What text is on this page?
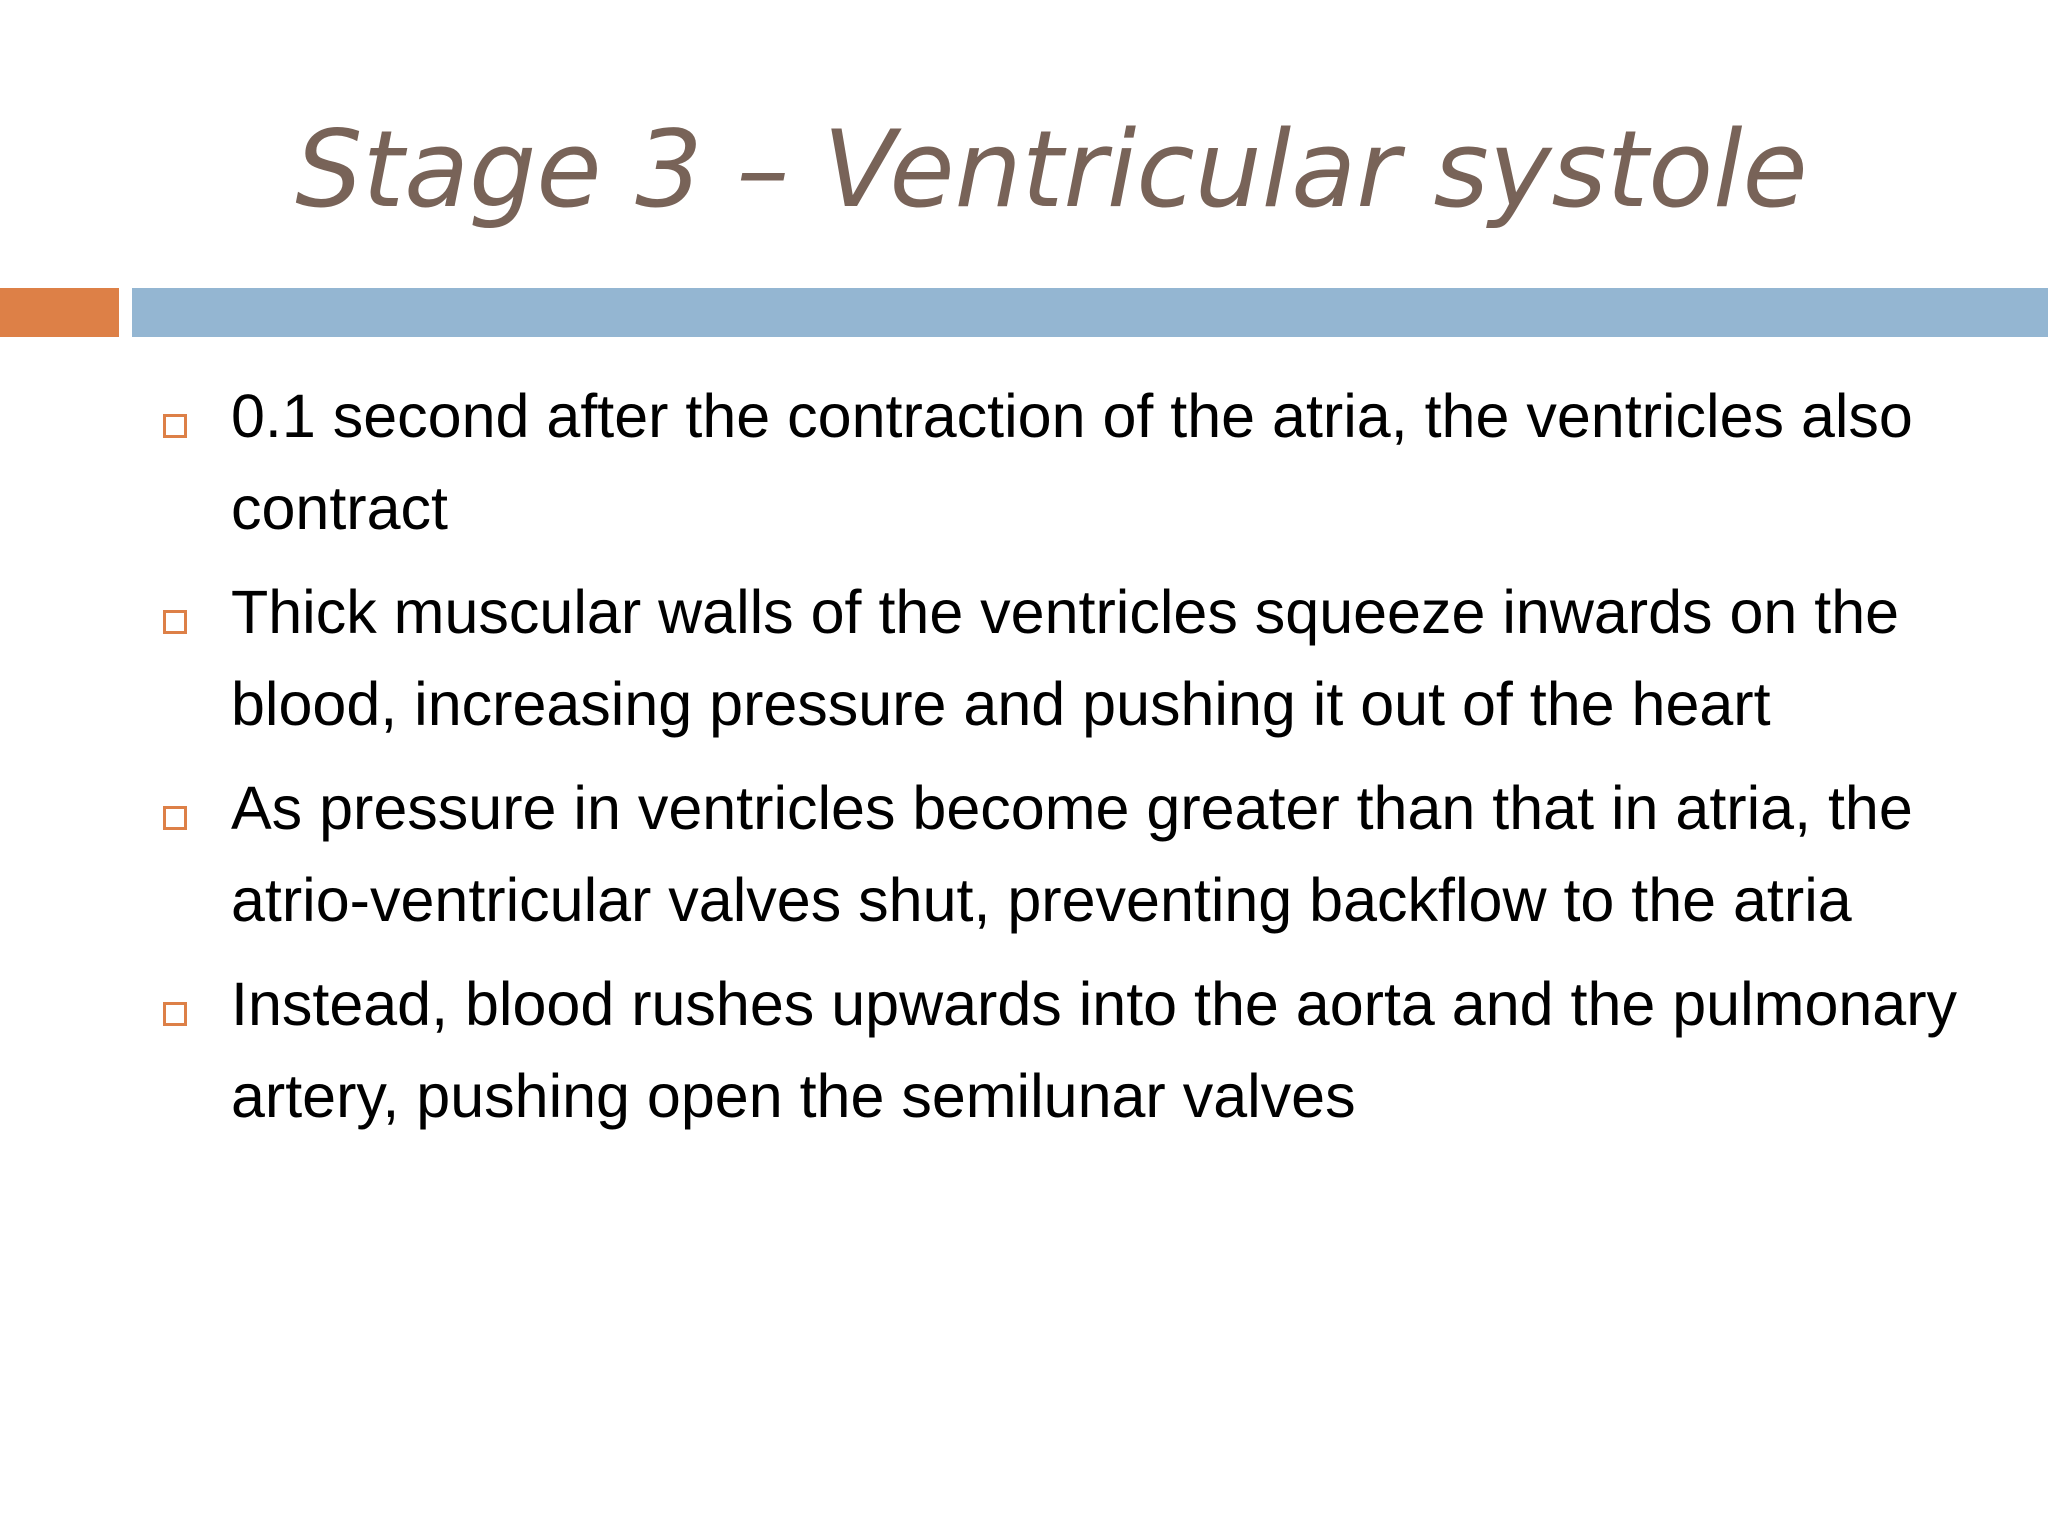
Stage 3 – Ventricular systole
0.1 second after the contraction of the atria, the ventricles also contract
Thick muscular walls of the ventricles squeeze inwards on the blood, increasing pressure and pushing it out of the heart
As pressure in ventricles become greater than that in atria, the atrio-ventricular valves shut, preventing backflow to the atria
Instead, blood rushes upwards into the aorta and the pulmonary artery, pushing open the semilunar valves
